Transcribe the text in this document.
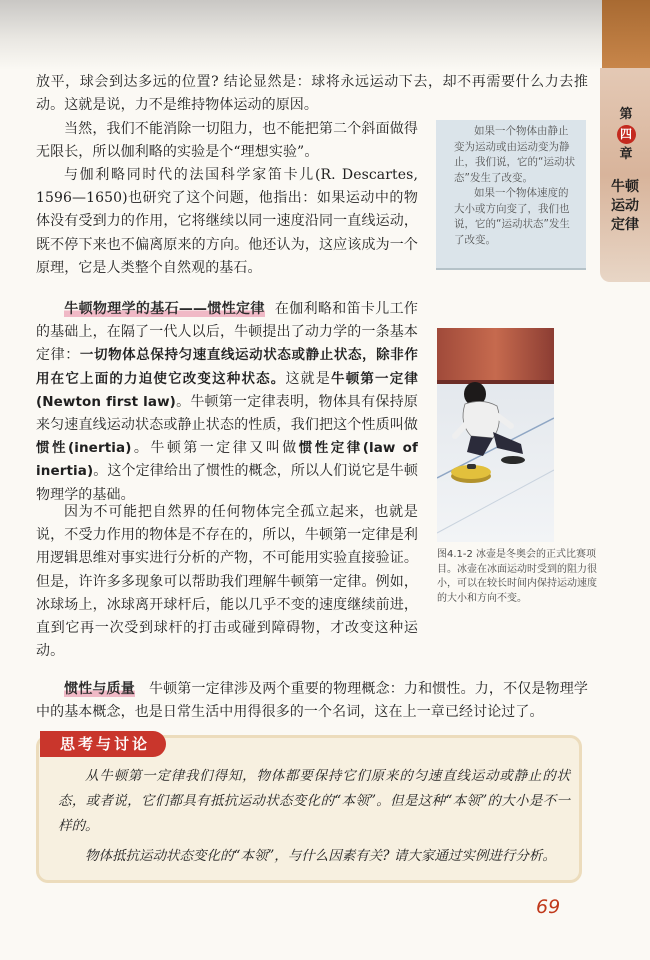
第
四
章
牛顿运动定律

放平，球会到达多远的位置? 结论显然是：球将永远运动下去，却不再需要什么力去推动。这就是说，力不是维持物体运动的原因。

当然，我们不能消除一切阻力，也不能把第二个斜面做得无限长，所以伽利略的实验是个“理想实验”。

与伽利略同时代的法国科学家笛卡儿(R. Descartes, 1596—1650)也研究了这个问题，他指出：如果运动中的物体没有受到力的作用，它将继续以同一速度沿同一直线运动，既不停下来也不偏离原来的方向。他还认为，这应该成为一个原理，它是人类整个自然观的基石。

牛顿物理学的基石——惯性定律 在伽利略和笛卡儿工作的基础上，在隔了一代人以后，牛顿提出了动力学的一条基本定律：一切物体总保持匀速直线运动状态或静止状态，除非作用在它上面的力迫使它改变这种状态。这就是牛顿第一定律(Newton first law)。牛顿第一定律表明，物体具有保持原来匀速直线运动状态或静止状态的性质，我们把这个性质叫做惯性(inertia)。牛顿第一定律又叫做惯性定律(law of inertia)。这个定律给出了惯性的概念，所以人们说它是牛顿物理学的基础。

因为不可能把自然界的任何物体完全孤立起来，也就是说，不受力作用的物体是不存在的，所以，牛顿第一定律是利用逻辑思维对事实进行分析的产物，不可能用实验直接验证。但是，许许多多现象可以帮助我们理解牛顿第一定律。例如，冰球场上，冰球离开球杆后，能以几乎不变的速度继续前进，直到它再一次受到球杆的打击或碰到障碍物，才改变这种运动。

惯性与质量 牛顿第一定律涉及两个重要的物理概念：力和惯性。力，不仅是物理学中的基本概念，也是日常生活中用得很多的一个名词，这在上一章已经讨论过了。

如果一个物体由静止变为运动或由运动变为静止，我们说，它的“运动状态”发生了改变。

如果一个物体速度的大小或方向变了，我们也说，它的“运动状态”发生了改变。

图4.1-2 冰壶是冬奥会的正式比赛项目。冰壶在冰面运动时受到的阻力很小，可以在较长时间内保持运动速度的大小和方向不变。
思考与讨论

从牛顿第一定律我们得知，物体都要保持它们原来的匀速直线运动或静止的状态，或者说，它们都具有抵抗运动状态变化的“本领”。但是这种“本领”的大小是不一样的。

物体抵抗运动状态变化的“本领”，与什么因素有关? 请大家通过实例进行分析。

69
